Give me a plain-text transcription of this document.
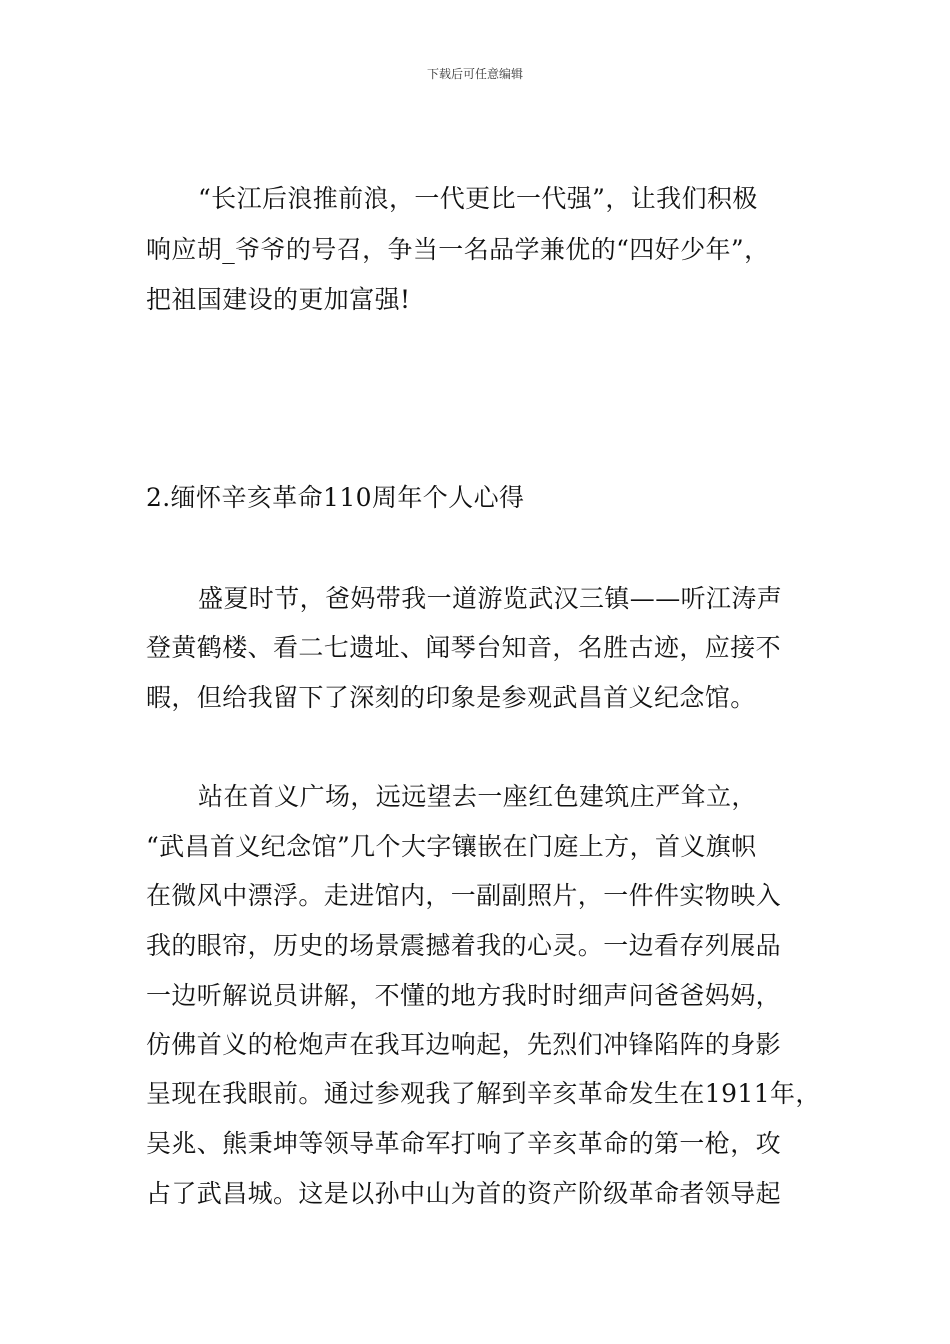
下载后可任意编辑
“长江后浪推前浪，一代更比一代强”，让我们积极
响应胡_爷爷的号召，争当一名品学兼优的“四好少年”，
把祖国建设的更加富强!
2.缅怀辛亥革命110周年个人心得
盛夏时节，爸妈带我一道游览武汉三镇——听江涛声
登黄鹤楼、看二七遗址、闻琴台知音，名胜古迹，应接不
暇，但给我留下了深刻的印象是参观武昌首义纪念馆。
站在首义广场，远远望去一座红色建筑庄严耸立，
“武昌首义纪念馆”几个大字镶嵌在门庭上方，首义旗帜
在微风中漂浮。走进馆内，一副副照片，一件件实物映入
我的眼帘，历史的场景震撼着我的心灵。一边看存列展品
一边听解说员讲解，不懂的地方我时时细声问爸爸妈妈，
仿佛首义的枪炮声在我耳边响起，先烈们冲锋陷阵的身影
呈现在我眼前。通过参观我了解到辛亥革命发生在1911年，
吴兆、熊秉坤等领导革命军打响了辛亥革命的第一枪，攻
占了武昌城。这是以孙中山为首的资产阶级革命者领导起
